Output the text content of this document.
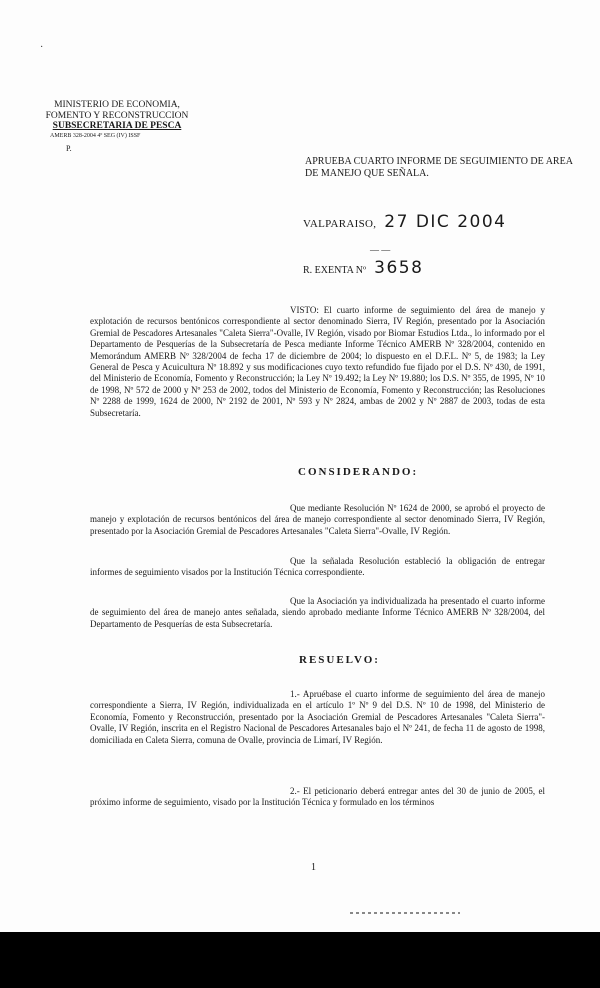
·
MINISTERIO DE ECONOMIA,
FOMENTO Y RECONSTRUCCION
SUBSECRETARIA DE PESCA
AMERB 328-2004 4º SEG (IV) ISSF
P.
APRUEBA CUARTO INFORME DE SEGUIMIENTO DE AREA DE MANEJO QUE SEÑALA.
VALPARAISO, 27 DIC 2004
— —
R. EXENTA Nº 3658
VISTO: El cuarto informe de seguimiento del área de manejo y explotación de recursos bentónicos correspondiente al sector denominado Sierra, IV Región, presentado por la Asociación Gremial de Pescadores Artesanales "Caleta Sierra"-Ovalle, IV Región, visado por Biomar Estudios Ltda., lo informado por el Departamento de Pesquerías de la Subsecretaría de Pesca mediante Informe Técnico AMERB Nº 328/2004, contenido en Memorándum AMERB Nº 328/2004 de fecha 17 de diciembre de 2004; lo dispuesto en el D.F.L. Nº 5, de 1983; la Ley General de Pesca y Acuicultura Nº 18.892 y sus modificaciones cuyo texto refundido fue fijado por el D.S. Nº 430, de 1991, del Ministerio de Economía, Fomento y Reconstrucción; la Ley Nº 19.492; la Ley Nº 19.880; los D.S. Nº 355, de 1995, Nº 10 de 1998, Nº 572 de 2000 y Nº 253 de 2002, todos del Ministerio de Economía, Fomento y Reconstrucción; las Resoluciones Nº 2288 de 1999, 1624 de 2000, Nº 2192 de 2001, Nº 593 y Nº 2824, ambas de 2002 y Nº 2887 de 2003, todas de esta Subsecretaría.
CONSIDERANDO:
Que mediante Resolución Nº 1624 de 2000, se aprobó el proyecto de manejo y explotación de recursos bentónicos del área de manejo correspondiente al sector denominado Sierra, IV Región, presentado por la Asociación Gremial de Pescadores Artesanales "Caleta Sierra"-Ovalle, IV Región.
Que la señalada Resolución estableció la obligación de entregar informes de seguimiento visados por la Institución Técnica correspondiente.
Que la Asociación ya individualizada ha presentado el cuarto informe de seguimiento del área de manejo antes señalada, siendo aprobado mediante Informe Técnico AMERB Nº 328/2004, del Departamento de Pesquerías de esta Subsecretaría.
RESUELVO:
1.- Apruébase el cuarto informe de seguimiento del área de manejo correspondiente a Sierra, IV Región, individualizada en el artículo 1º Nº 9 del D.S. Nº 10 de 1998, del Ministerio de Economía, Fomento y Reconstrucción, presentado por la Asociación Gremial de Pescadores Artesanales "Caleta Sierra"-Ovalle, IV Región, inscrita en el Registro Nacional de Pescadores Artesanales bajo el Nº 241, de fecha 11 de agosto de 1998, domiciliada en Caleta Sierra, comuna de Ovalle, provincia de Limarí, IV Región.
2.- El peticionario deberá entregar antes del 30 de junio de 2005, el próximo informe de seguimiento, visado por la Institución Técnica y formulado en los términos
1
